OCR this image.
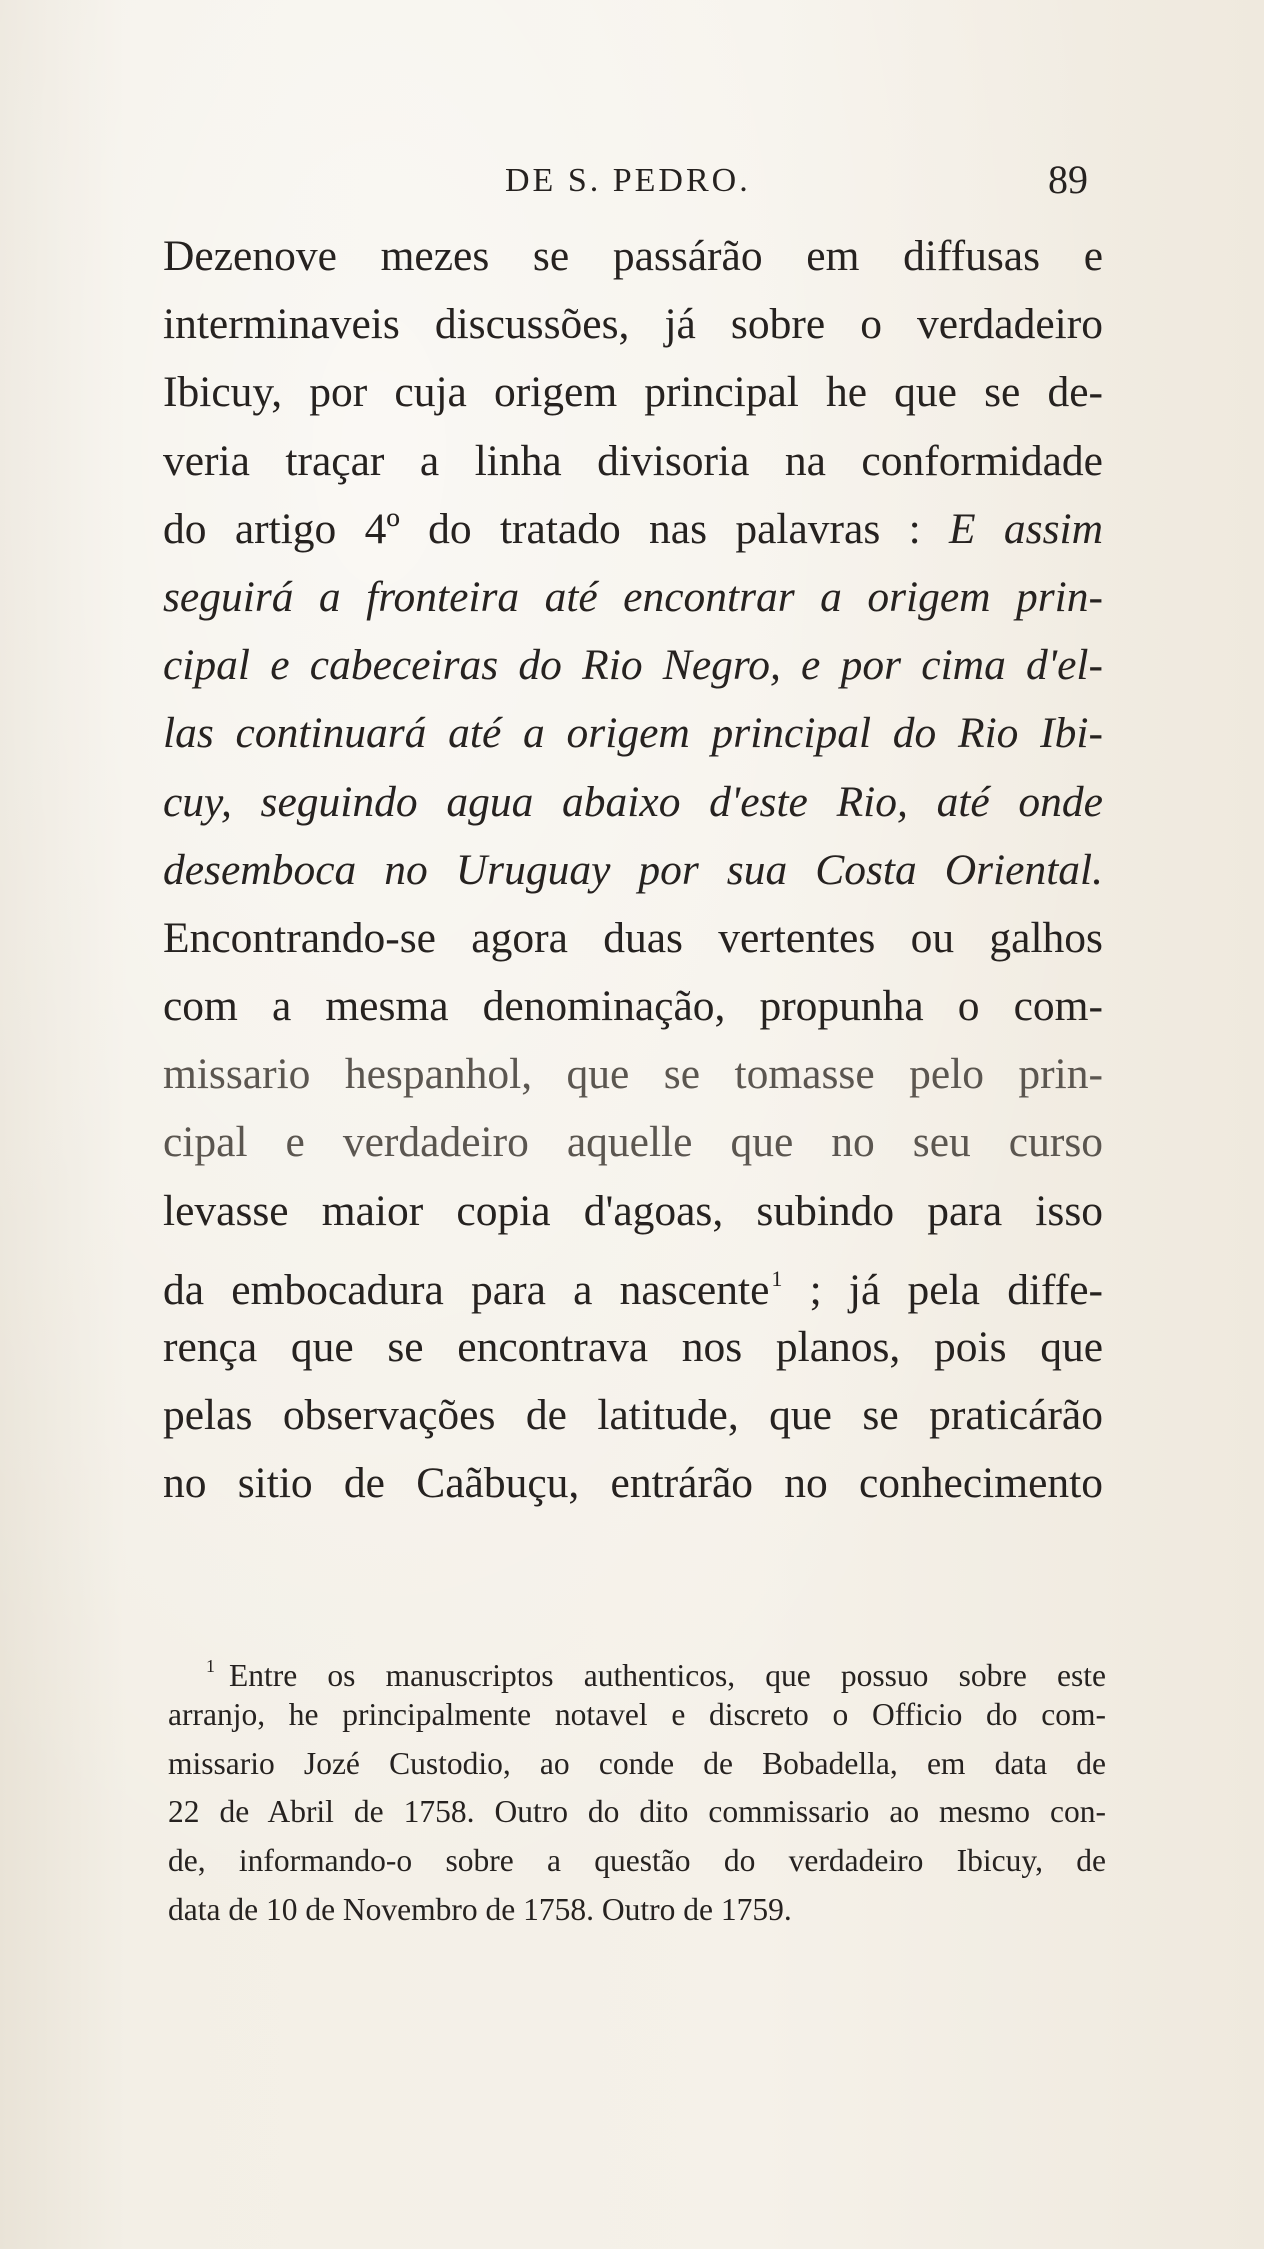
DE S. PEDRO.	89
Dezenove mezes se passárão em diffusas e
interminaveis discussões, já sobre o verdadeiro
Ibicuy, por cuja origem principal he que se de-
veria traçar a linha divisoria na conformidade
do artigo 4º do tratado nas palavras : E assim
seguirá a fronteira até encontrar a origem prin-
cipal e cabeceiras do Rio Negro, e por cima d'el-
las continuará até a origem principal do Rio Ibi-
cuy, seguindo agua abaixo d'este Rio, até onde
desemboca no Uruguay por sua Costa Oriental.
Encontrando-se agora duas vertentes ou galhos
com a mesma denominação, propunha o com-
missario hespanhol, que se tomasse pelo prin-
cipal e verdadeiro aquelle que no seu curso
levasse maior copia d'agoas, subindo para isso
da embocadura para a nascente$^1$ ; já pela diffe-
rença que se encontrava nos planos, pois que
pelas observações de latitude, que se praticárão
no sitio de Caãbuçu, entrárão no conhecimento
$^1$ Entre os manuscriptos authenticos, que possuo sobre este
arranjo, he principalmente notavel e discreto o Officio do com-
missario Jozé Custodio, ao conde de Bobadella, em data de
22 de Abril de 1758. Outro do dito commissario ao mesmo con-
de, informando-o sobre a questão do verdadeiro Ibicuy, de
data de 10 de Novembro de 1758. Outro de 1759.
